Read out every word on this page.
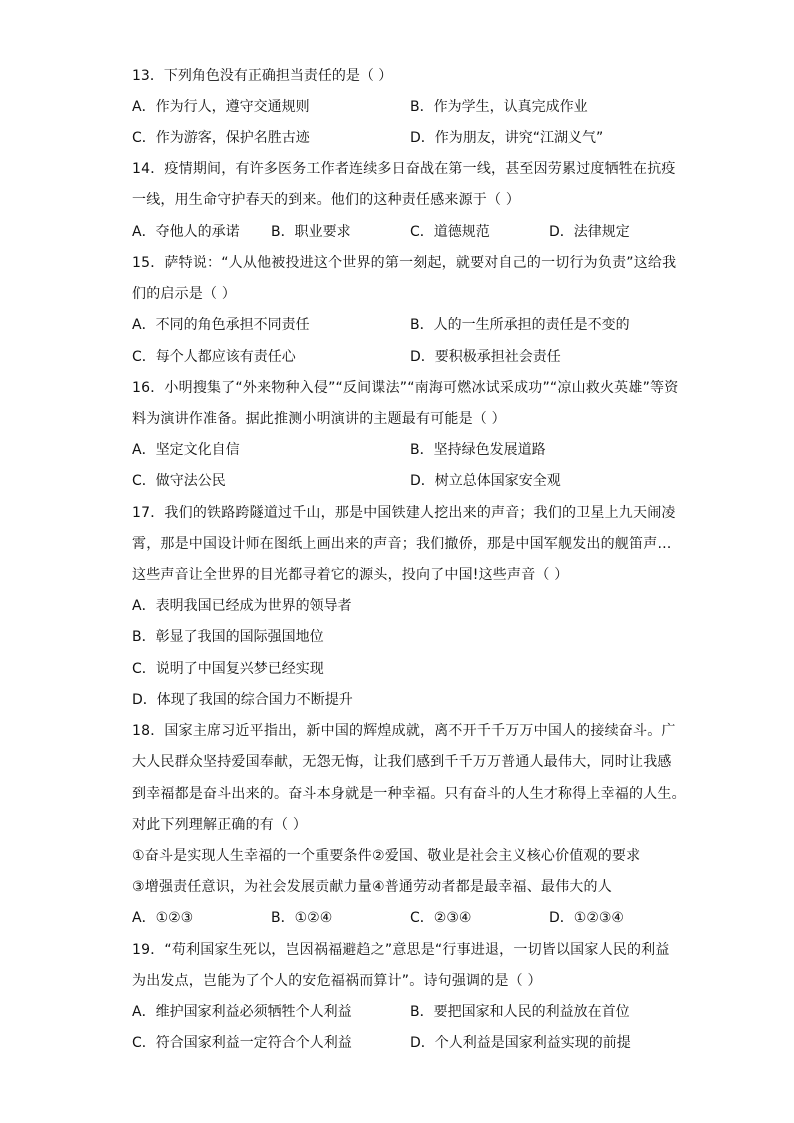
13．下列角色没有正确担当责任的是（ ）
A．作为行人，遵守交通规则	B．作为学生，认真完成作业
C．作为游客，保护名胜古迹	D．作为朋友，讲究“江湖义气”
14．疫情期间，有许多医务工作者连续多日奋战在第一线，甚至因劳累过度牺牲在抗疫
一线，用生命守护春天的到来。他们的这种责任感来源于（ ）
A．夺他人的承诺 B．职业要求	C．道德规范	D．法律规定
15．萨特说：“人从他被投进这个世界的第一刻起，就要对自己的一切行为负责”这给我
们的启示是（ ）
A．不同的角色承担不同责任	B．人的一生所承担的责任是不变的
C．每个人都应该有责任心	D．要积极承担社会责任
16．小明搜集了“外来物种入侵”“反间谍法”“南海可燃冰试采成功”“凉山救火英雄”等资
料为演讲作准备。据此推测小明演讲的主题最有可能是（ ）
A．坚定文化自信	B．坚持绿色发展道路
C．做守法公民	D．树立总体国家安全观
17．我们的铁路跨隧道过千山，那是中国铁建人挖出来的声音；我们的卫星上九天闹凌
霄，那是中国设计师在图纸上画出来的声音；我们撤侨，那是中国军舰发出的舰笛声…
这些声音让全世界的目光都寻着它的源头，投向了中国!这些声音（ ）
A．表明我国已经成为世界的领导者
B．彰显了我国的国际强国地位
C．说明了中国复兴梦已经实现
D．体现了我国的综合国力不断提升
18．国家主席习近平指出，新中国的辉煌成就，离不开千千万万中国人的接续奋斗。广
大人民群众坚持爱国奉献，无怨无悔，让我们感到千千万万普通人最伟大，同时让我感
到幸福都是奋斗出来的。奋斗本身就是一种幸福。只有奋斗的人生才称得上幸福的人生。
对此下列理解正确的有（ ）
①奋斗是实现人生幸福的一个重要条件②爱国、敬业是社会主义核心价值观的要求
③增强责任意识，为社会发展贡献力量④普通劳动者都是最幸福、最伟大的人
A．①②③	B．①②④	C．②③④	D．①②③④
19．“苟利国家生死以，岂因祸福避趋之”意思是“行事进退，一切皆以国家人民的利益
为出发点，岂能为了个人的安危福祸而算计”。诗句强调的是（ ）
A．维护国家利益必须牺牲个人利益	B．要把国家和人民的利益放在首位
C．符合国家利益一定符合个人利益	D．个人利益是国家利益实现的前提
